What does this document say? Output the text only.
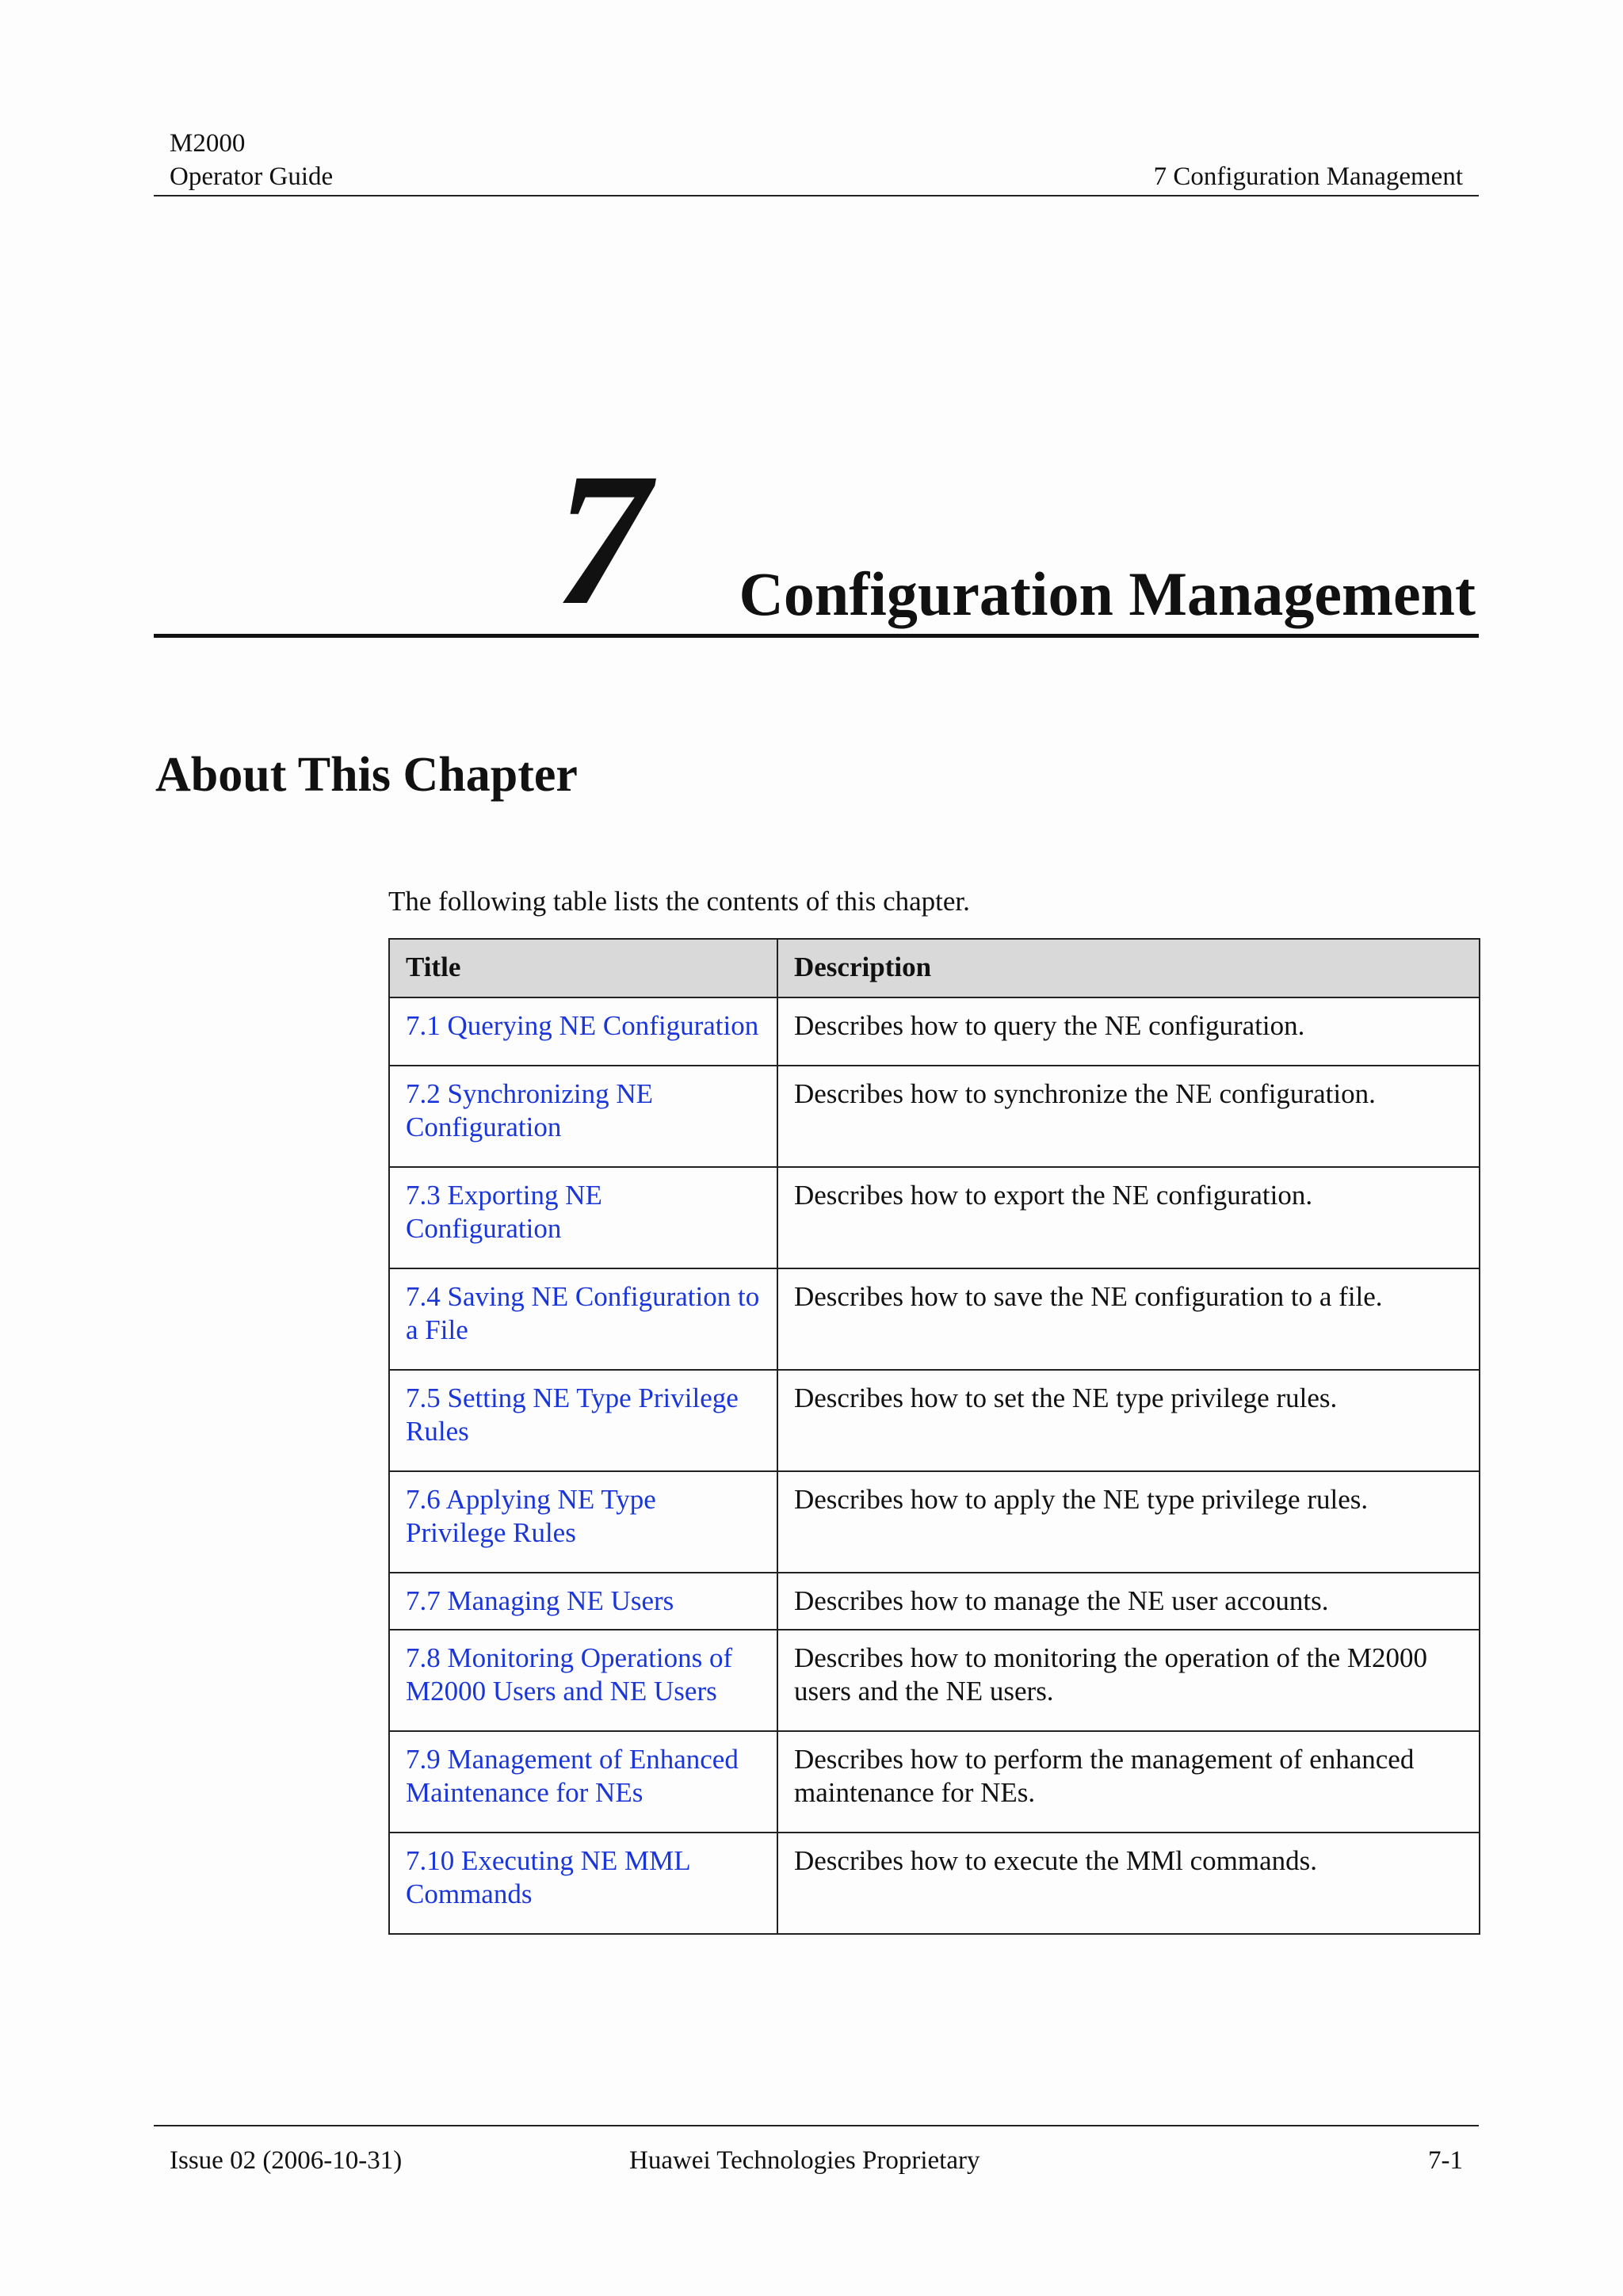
M2000
Operator Guide	7 Configuration Management
7 Configuration Management
About This Chapter
The following table lists the contents of this chapter.
Title	Description
7.1 Querying NE Configuration	Describes how to query the NE configuration.
7.2 Synchronizing NE Configuration	Describes how to synchronize the NE configuration.
7.3 Exporting NE Configuration	Describes how to export the NE configuration.
7.4 Saving NE Configuration to a File	Describes how to save the NE configuration to a file.
7.5 Setting NE Type Privilege Rules	Describes how to set the NE type privilege rules.
7.6 Applying NE Type Privilege Rules	Describes how to apply the NE type privilege rules.
7.7 Managing NE Users	Describes how to manage the NE user accounts.
7.8 Monitoring Operations of M2000 Users and NE Users	Describes how to monitoring the operation of the M2000 users and the NE users.
7.9 Management of Enhanced Maintenance for NEs	Describes how to perform the management of enhanced maintenance for NEs.
7.10 Executing NE MML Commands	Describes how to execute the MMl commands.
Issue 02 (2006-10-31)	Huawei Technologies Proprietary	7-1
